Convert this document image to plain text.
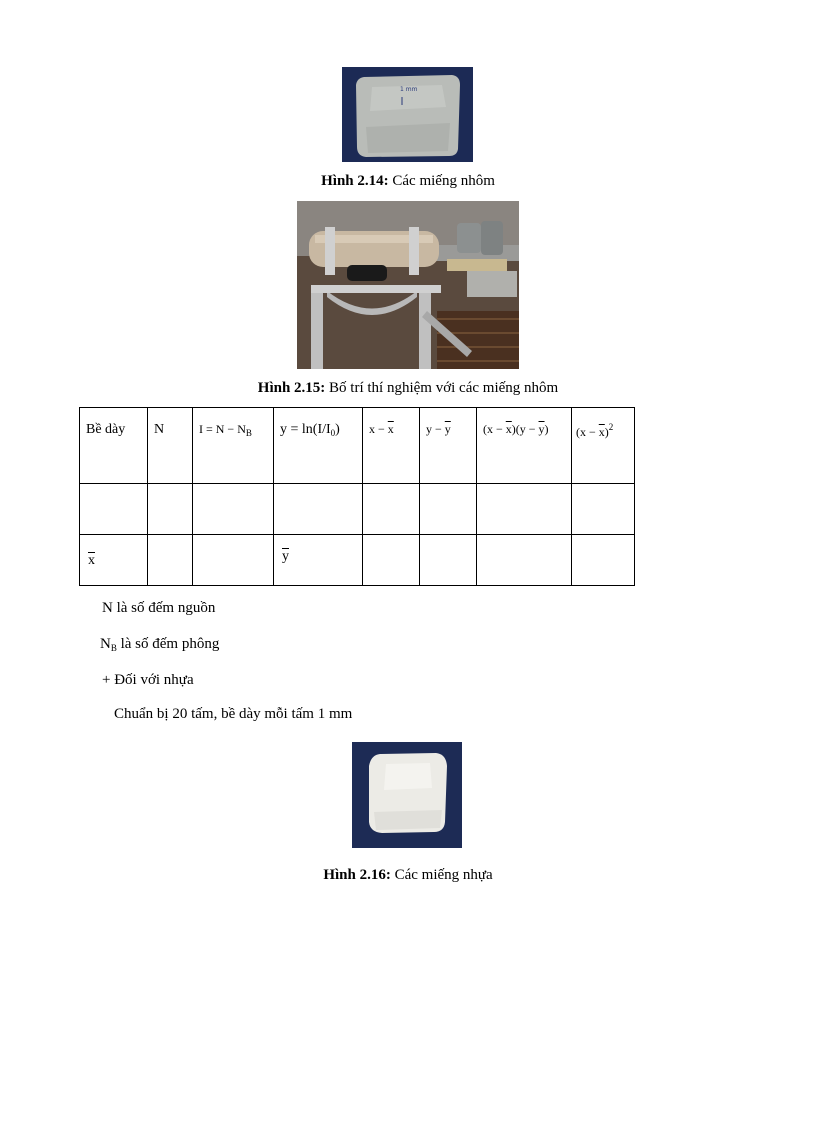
1 mm
Hình 2.14: Các miếng nhôm
Hình 2.15: Bố trí thí nghiệm với các miếng nhôm
Bề dày	N	$I = N - N_B$	$y = \ln(I/I_0)$	$x - \overline{x}$	$y - \overline{y}$	$(x - \overline{x})(y - \overline{y})$	$(x - \overline{x})^2$

$\overline{x}$			$\overline{y}$

N là số đếm nguồn
$N_B$ là số đếm phông
+ Đối với nhựa
Chuẩn bị 20 tấm, bề dày mỗi tấm 1 mm
Hình 2.16: Các miếng nhựa
